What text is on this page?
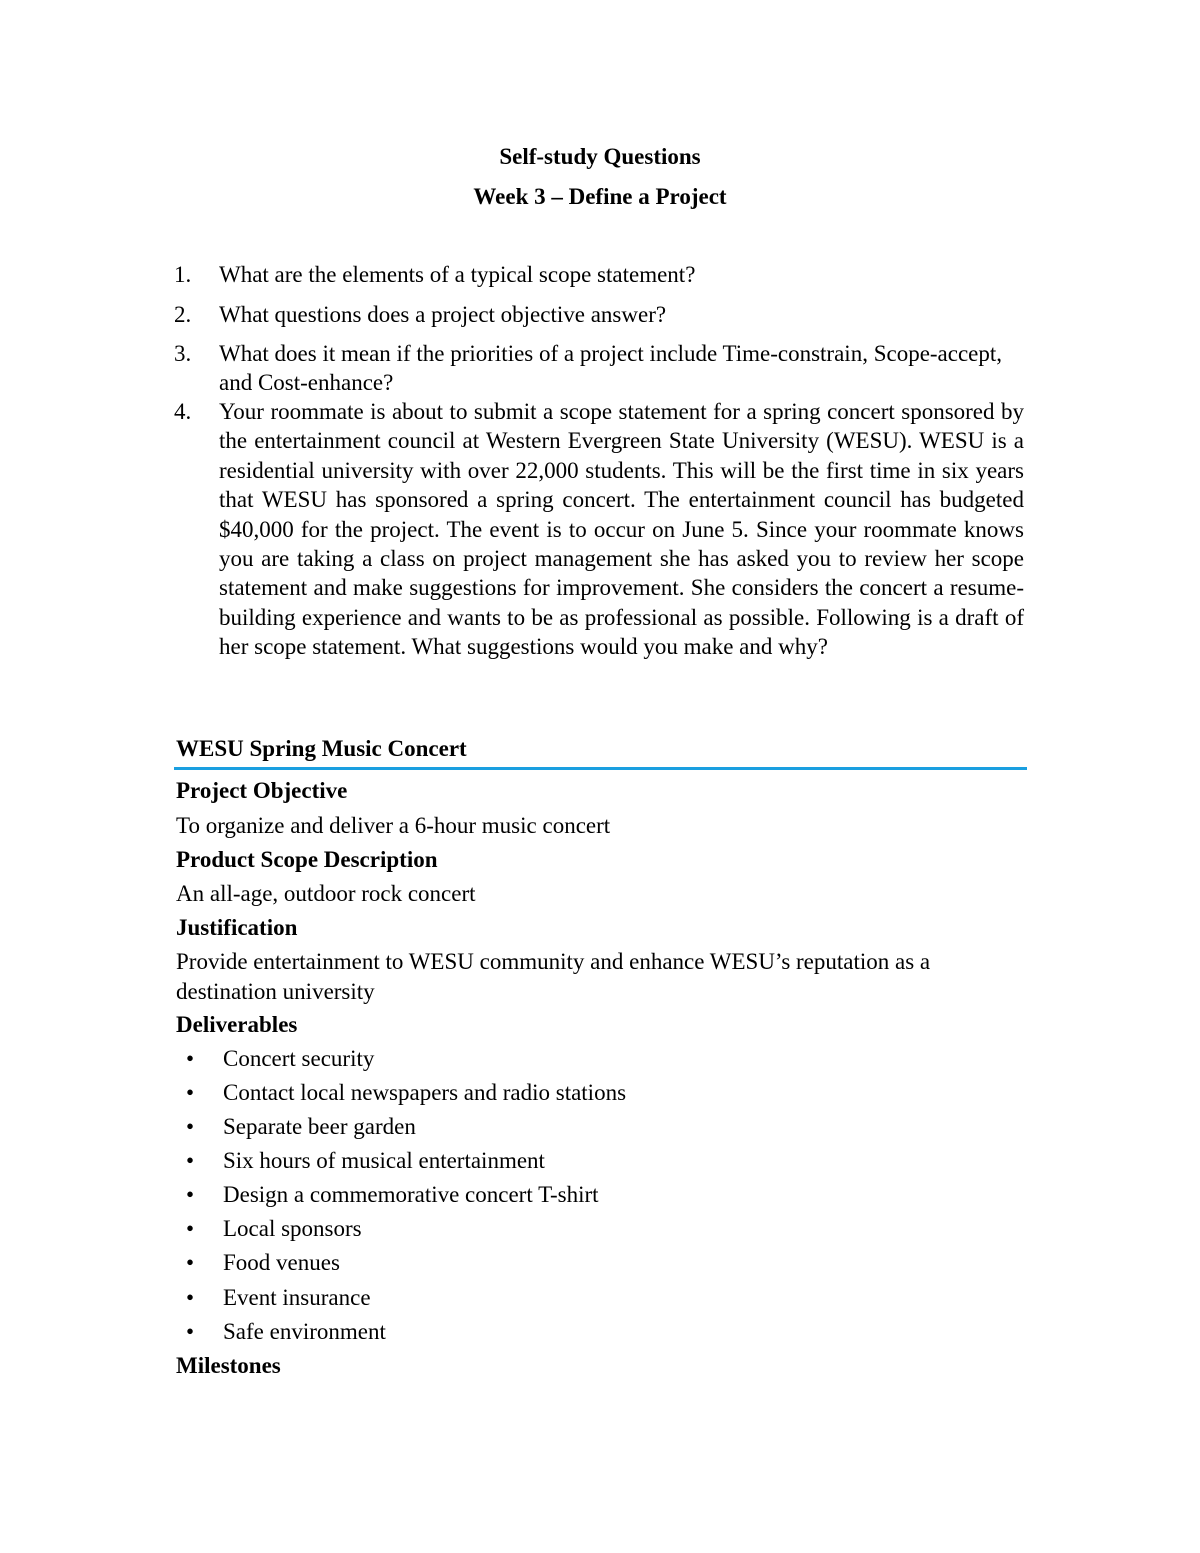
Self-study Questions
Week 3 – Define a Project
1. What are the elements of a typical scope statement?
2. What questions does a project objective answer?
3. What does it mean if the priorities of a project include Time-constrain, Scope-accept, and Cost-enhance?
4. Your roommate is about to submit a scope statement for a spring concert sponsored by the entertainment council at Western Evergreen State University (WESU). WESU is a residential university with over 22,000 students. This will be the first time in six years that WESU has sponsored a spring concert. The entertainment council has budgeted $40,000 for the project. The event is to occur on June 5. Since your roommate knows you are taking a class on project management she has asked you to review her scope statement and make suggestions for improvement. She considers the concert a resume-building experience and wants to be as professional as possible. Following is a draft of her scope statement. What suggestions would you make and why?
WESU Spring Music Concert
Project Objective
To organize and deliver a 6-hour music concert
Product Scope Description
An all-age, outdoor rock concert
Justification
Provide entertainment to WESU community and enhance WESU’s reputation as a destination university
Deliverables
• Concert security
• Contact local newspapers and radio stations
• Separate beer garden
• Six hours of musical entertainment
• Design a commemorative concert T-shirt
• Local sponsors
• Food venues
• Event insurance
• Safe environment
Milestones
